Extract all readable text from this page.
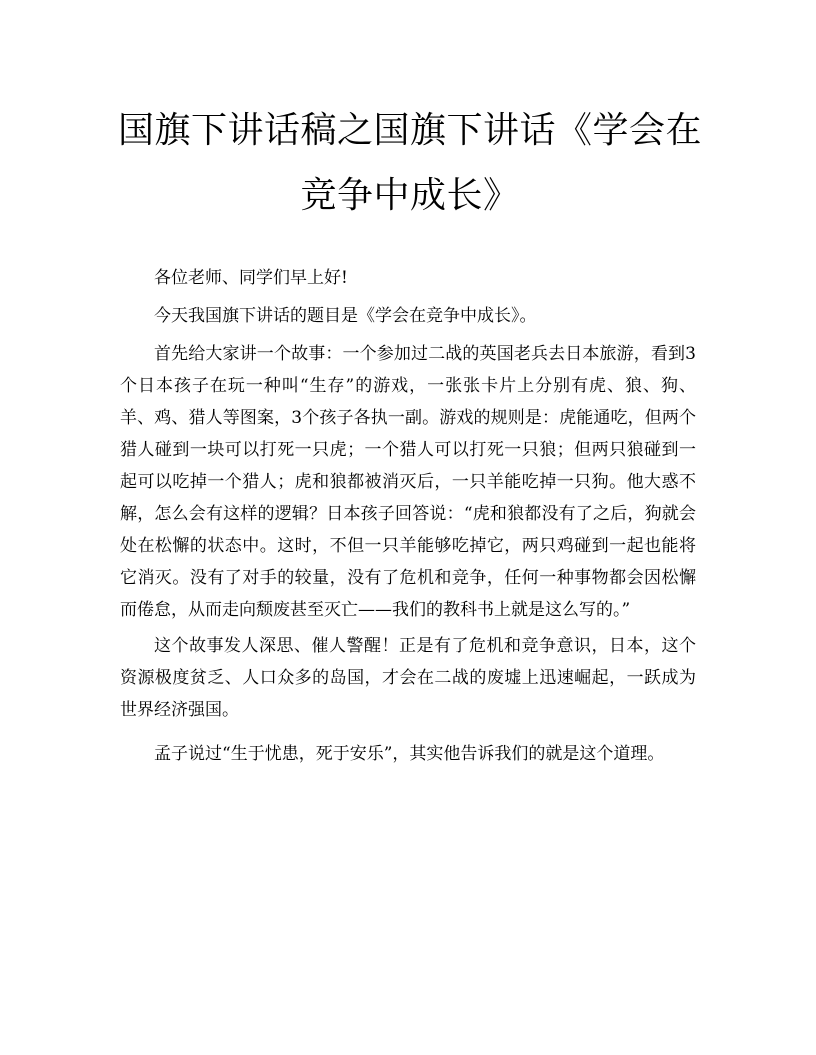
国旗下讲话稿之国旗下讲话《学会在竞争中成长》

各位老师、同学们早上好!

今天我国旗下讲话的题目是《学会在竞争中成长》。

首先给大家讲一个故事：一个参加过二战的英国老兵去日本旅游，看到3个日本孩子在玩一种叫“生存”的游戏，一张张卡片上分别有虎、狼、狗、羊、鸡、猎人等图案，3个孩子各执一副。游戏的规则是：虎能通吃，但两个猎人碰到一块可以打死一只虎；一个猎人可以打死一只狼；但两只狼碰到一起可以吃掉一个猎人；虎和狼都被消灭后，一只羊能吃掉一只狗。他大惑不解，怎么会有这样的逻辑？日本孩子回答说：“虎和狼都没有了之后，狗就会处在松懈的状态中。这时，不但一只羊能够吃掉它，两只鸡碰到一起也能将它消灭。没有了对手的较量，没有了危机和竞争，任何一种事物都会因松懈而倦怠，从而走向颓废甚至灭亡——我们的教科书上就是这么写的。”

这个故事发人深思、催人警醒！正是有了危机和竞争意识，日本，这个资源极度贫乏、人口众多的岛国，才会在二战的废墟上迅速崛起，一跃成为世界经济强国。

孟子说过“生于忧患，死于安乐”，其实他告诉我们的就是这个道理。
